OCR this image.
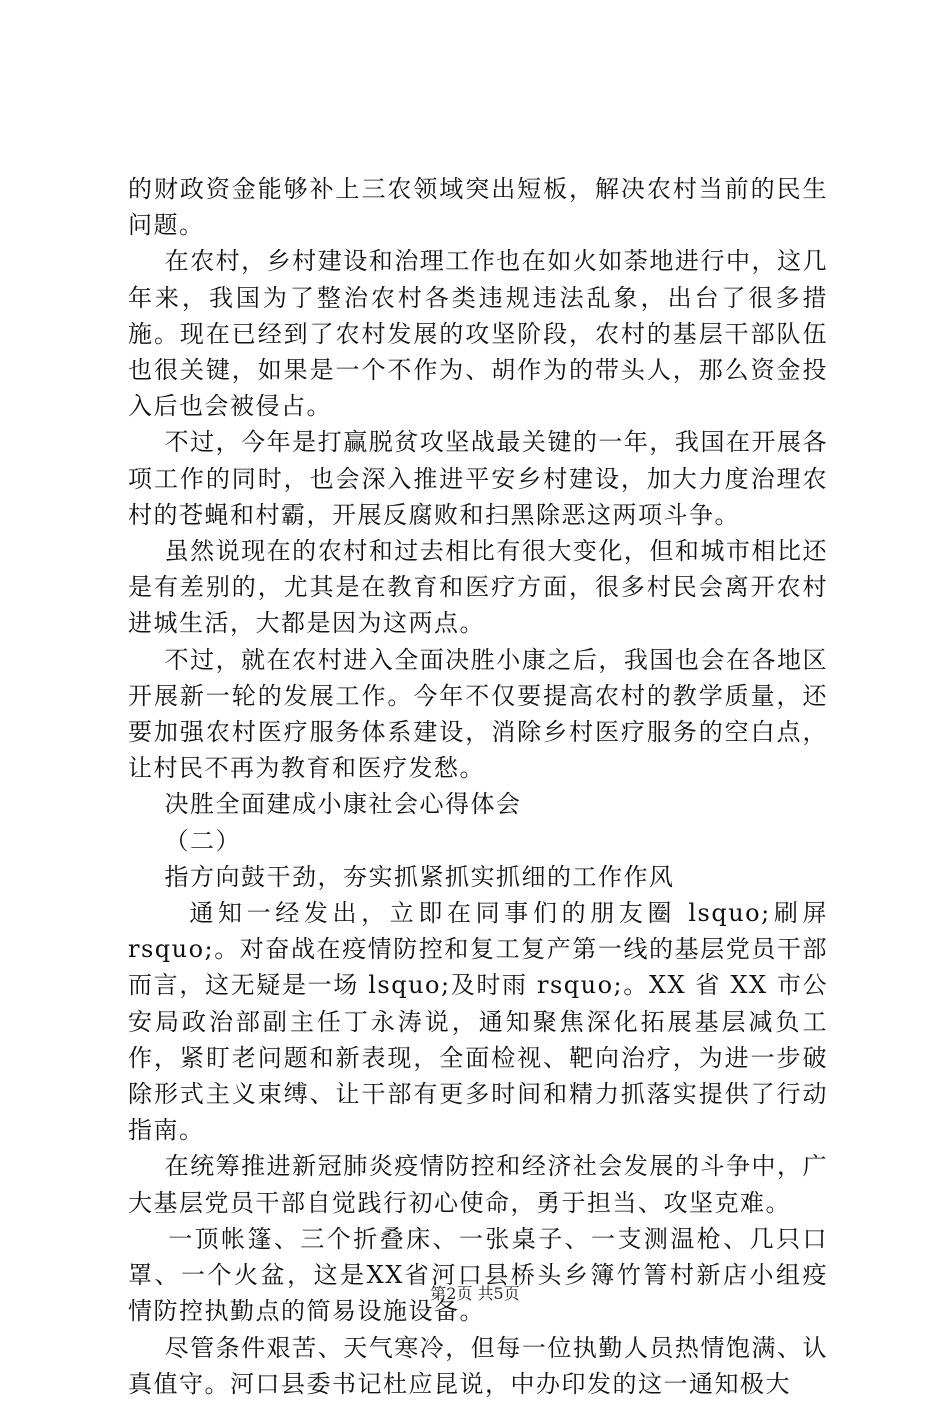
的财政资金能够补上三农领域突出短板，解决农村当前的民生问题。

在农村，乡村建设和治理工作也在如火如荼地进行中，这几年来，我国为了整治农村各类违规违法乱象，出台了很多措施。现在已经到了农村发展的攻坚阶段，农村的基层干部队伍也很关键，如果是一个不作为、胡作为的带头人，那么资金投入后也会被侵占。

不过，今年是打赢脱贫攻坚战最关键的一年，我国在开展各项工作的同时，也会深入推进平安乡村建设，加大力度治理农村的苍蝇和村霸，开展反腐败和扫黑除恶这两项斗争。

虽然说现在的农村和过去相比有很大变化，但和城市相比还是有差别的，尤其是在教育和医疗方面，很多村民会离开农村进城生活，大都是因为这两点。

不过，就在农村进入全面决胜小康之后，我国也会在各地区开展新一轮的发展工作。今年不仅要提高农村的教学质量，还要加强农村医疗服务体系建设，消除乡村医疗服务的空白点，让村民不再为教育和医疗发愁。

决胜全面建成小康社会心得体会

（二）

指方向鼓干劲，夯实抓紧抓实抓细的工作作风

通知一经发出，立即在同事们的朋友圈 lsquo;刷屏 rsquo;。对奋战在疫情防控和复工复产第一线的基层党员干部而言，这无疑是一场 lsquo;及时雨 rsquo;。XX 省 XX 市公安局政治部副主任丁永涛说，通知聚焦深化拓展基层减负工作，紧盯老问题和新表现，全面检视、靶向治疗，为进一步破除形式主义束缚、让干部有更多时间和精力抓落实提供了行动指南。

在统筹推进新冠肺炎疫情防控和经济社会发展的斗争中，广大基层党员干部自觉践行初心使命，勇于担当、攻坚克难。

一顶帐篷、三个折叠床、一张桌子、一支测温枪、几只口罩、一个火盆，这是XX省河口县桥头乡簿竹箐村新店小组疫情防控执勤点的简易设施设备。

尽管条件艰苦、天气寒冷，但每一位执勤人员热情饱满、认真值守。河口县委书记杜应昆说，中办印发的这一通知极大

第2页 共5页
